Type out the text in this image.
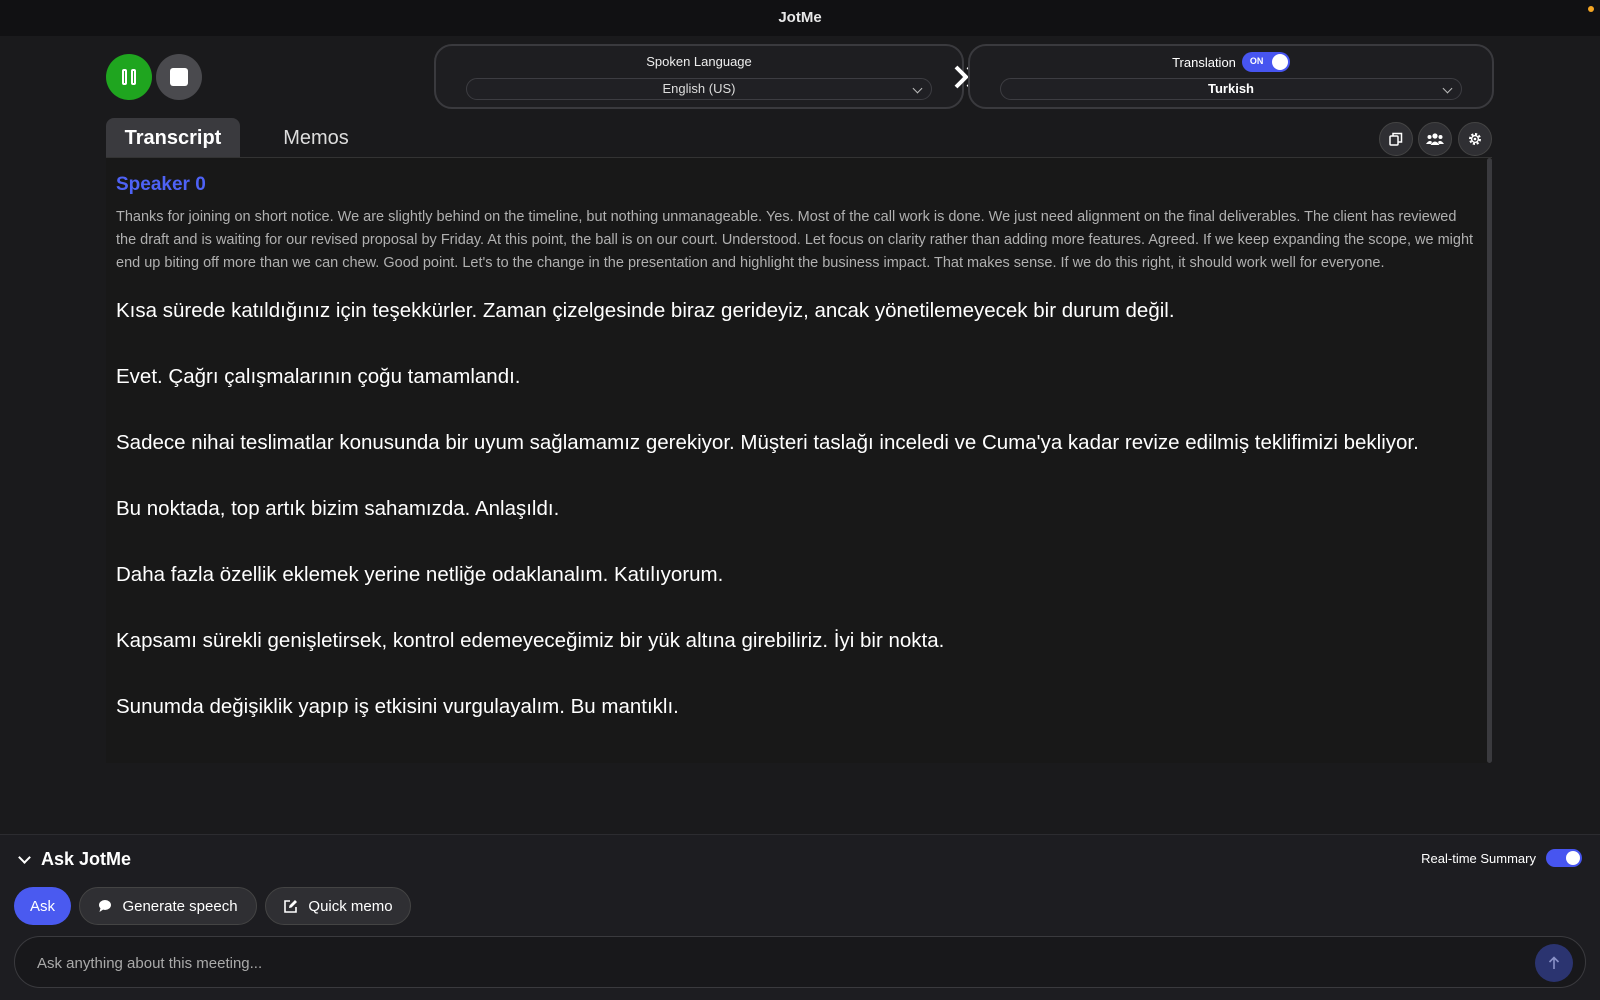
JotMe
Spoken Language
English (US)
Translation ON
Turkish
Transcript	Memos
Speaker 0
Thanks for joining on short notice. We are slightly behind on the timeline, but nothing unmanageable. Yes. Most of the call work is done. We just need alignment on the final deliverables. The client has reviewed the draft and is waiting for our revised proposal by Friday. At this point, the ball is on our court. Understood. Let focus on clarity rather than adding more features. Agreed. If we keep expanding the scope, we might end up biting off more than we can chew. Good point. Let's to the change in the presentation and highlight the business impact. That makes sense. If we do this right, it should work well for everyone.

Kısa sürede katıldığınız için teşekkürler. Zaman çizelgesinde biraz gerideyiz, ancak yönetilemeyecek bir durum değil.

Evet. Çağrı çalışmalarının çoğu tamamlandı.

Sadece nihai teslimatlar konusunda bir uyum sağlamamız gerekiyor. Müşteri taslağı inceledi ve Cuma'ya kadar revize edilmiş teklifimizi bekliyor.

Bu noktada, top artık bizim sahamızda. Anlaşıldı.

Daha fazla özellik eklemek yerine netliğe odaklanalım. Katılıyorum.

Kapsamı sürekli genişletirsek, kontrol edemeyeceğimiz bir yük altına girebiliriz. İyi bir nokta.

Sunumda değişiklik yapıp iş etkisini vurgulayalım. Bu mantıklı.

Ask JotMe	Real-time Summary
Ask	Generate speech	Quick memo
Ask anything about this meeting...
